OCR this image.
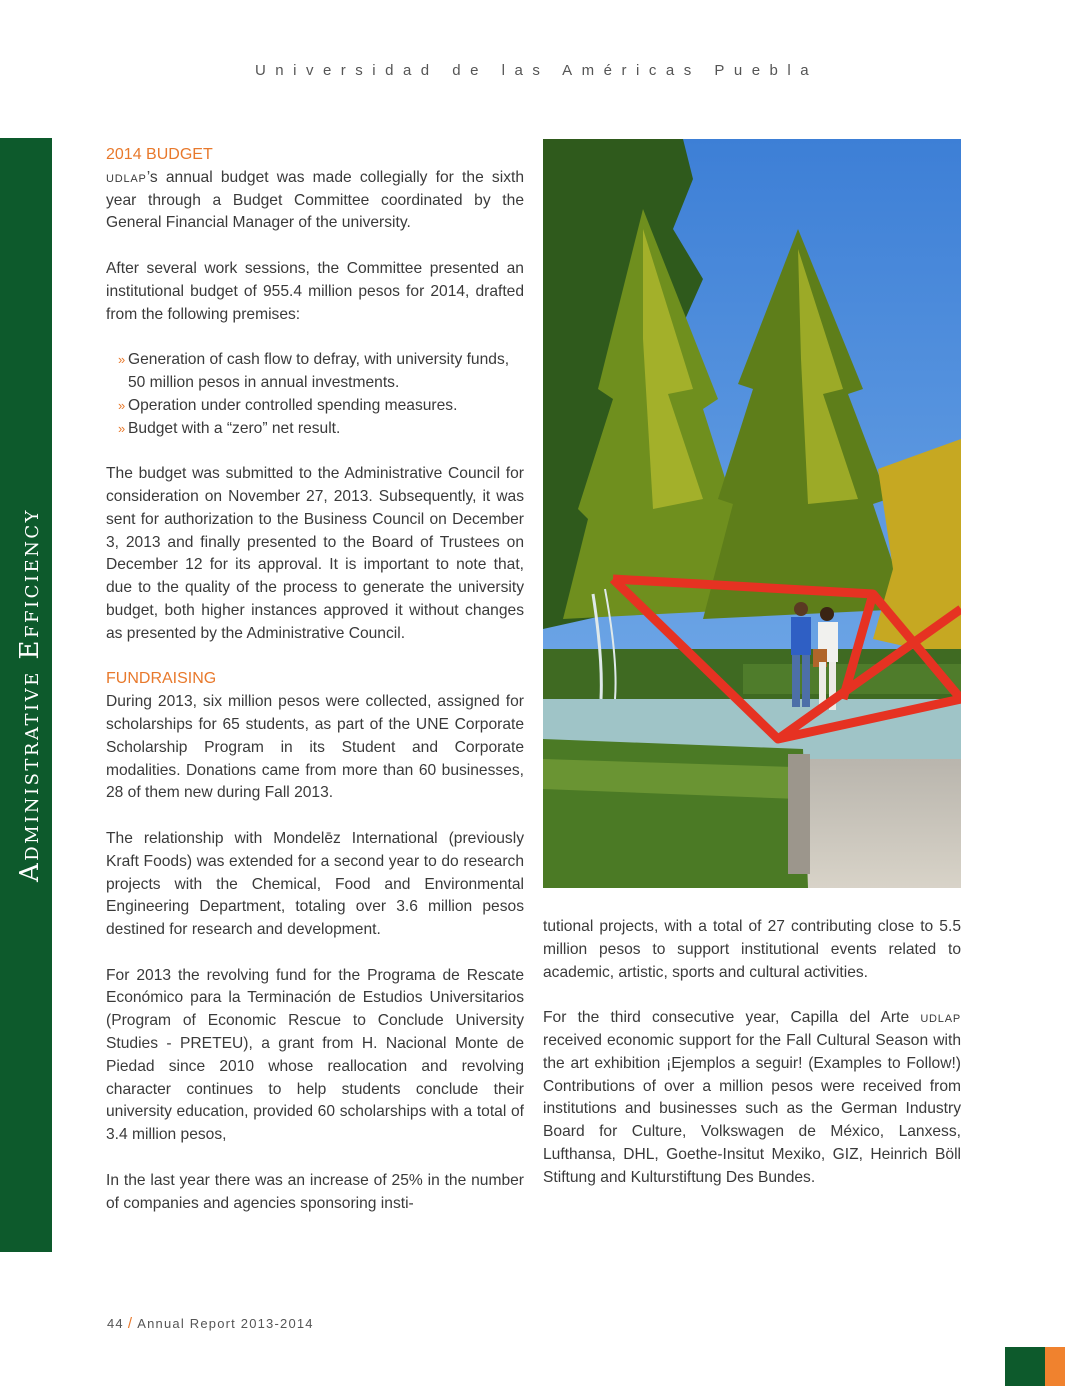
Universidad de las Américas Puebla
Administrative Efficiency
2014 BUDGET

udlap’s annual budget was made collegially for the sixth year through a Budget Committee coordinated by the General Financial Manager of the university.

After several work sessions, the Committee presented an institutional budget of 955.4 million pesos for 2014, drafted from the following premises:

» Generation of cash flow to defray, with university funds, 50 million pesos in annual investments.
» Operation under controlled spending measures.
» Budget with a “zero” net result.

The budget was submitted to the Administrative Council for consideration on November 27, 2013. Subsequently, it was sent for authorization to the Business Council on December 3, 2013 and finally presented to the Board of Trustees on December 12 for its approval. It is important to note that, due to the quality of the process to generate the university budget, both higher instances approved it without changes as presented by the Administrative Council.

FUNDRAISING

During 2013, six million pesos were collected, assigned for scholarships for 65 students, as part of the UNE Corporate Scholarship Program in its Student and Corporate modalities. Donations came from more than 60 businesses, 28 of them new during Fall 2013.

The relationship with Mondelēz International (previously Kraft Foods) was extended for a second year to do research projects with the Chemical, Food and Environmental Engineering Department, totaling over 3.6 million pesos destined for research and development.

For 2013 the revolving fund for the Programa de Rescate Económico para la Terminación de Estudios Universitarios (Program of Economic Rescue to Conclude University Studies - PRETEU), a grant from H. Nacional Monte de Piedad since 2010 whose reallocation and revolving character continues to help students conclude their university education, provided 60 scholarships with a total of 3.4 million pesos,

In the last year there was an increase of 25% in the number of companies and agencies sponsoring insti-

tutional projects, with a total of 27 contributing close to 5.5 million pesos to support institutional events related to academic, artistic, sports and cultural activities.

For the third consecutive year, Capilla del Arte udlap received economic support for the Fall Cultural Season with the art exhibition ¡Ejemplos a seguir! (Examples to Follow!) Contributions of over a million pesos were received from institutions and businesses such as the German Industry Board for Culture, Volkswagen de México, Lanxess, Lufthansa, DHL, Goethe-Insitut Mexiko, GIZ, Heinrich Böll Stiftung and Kulturstiftung Des Bundes.

44 / Annual Report 2013-2014
